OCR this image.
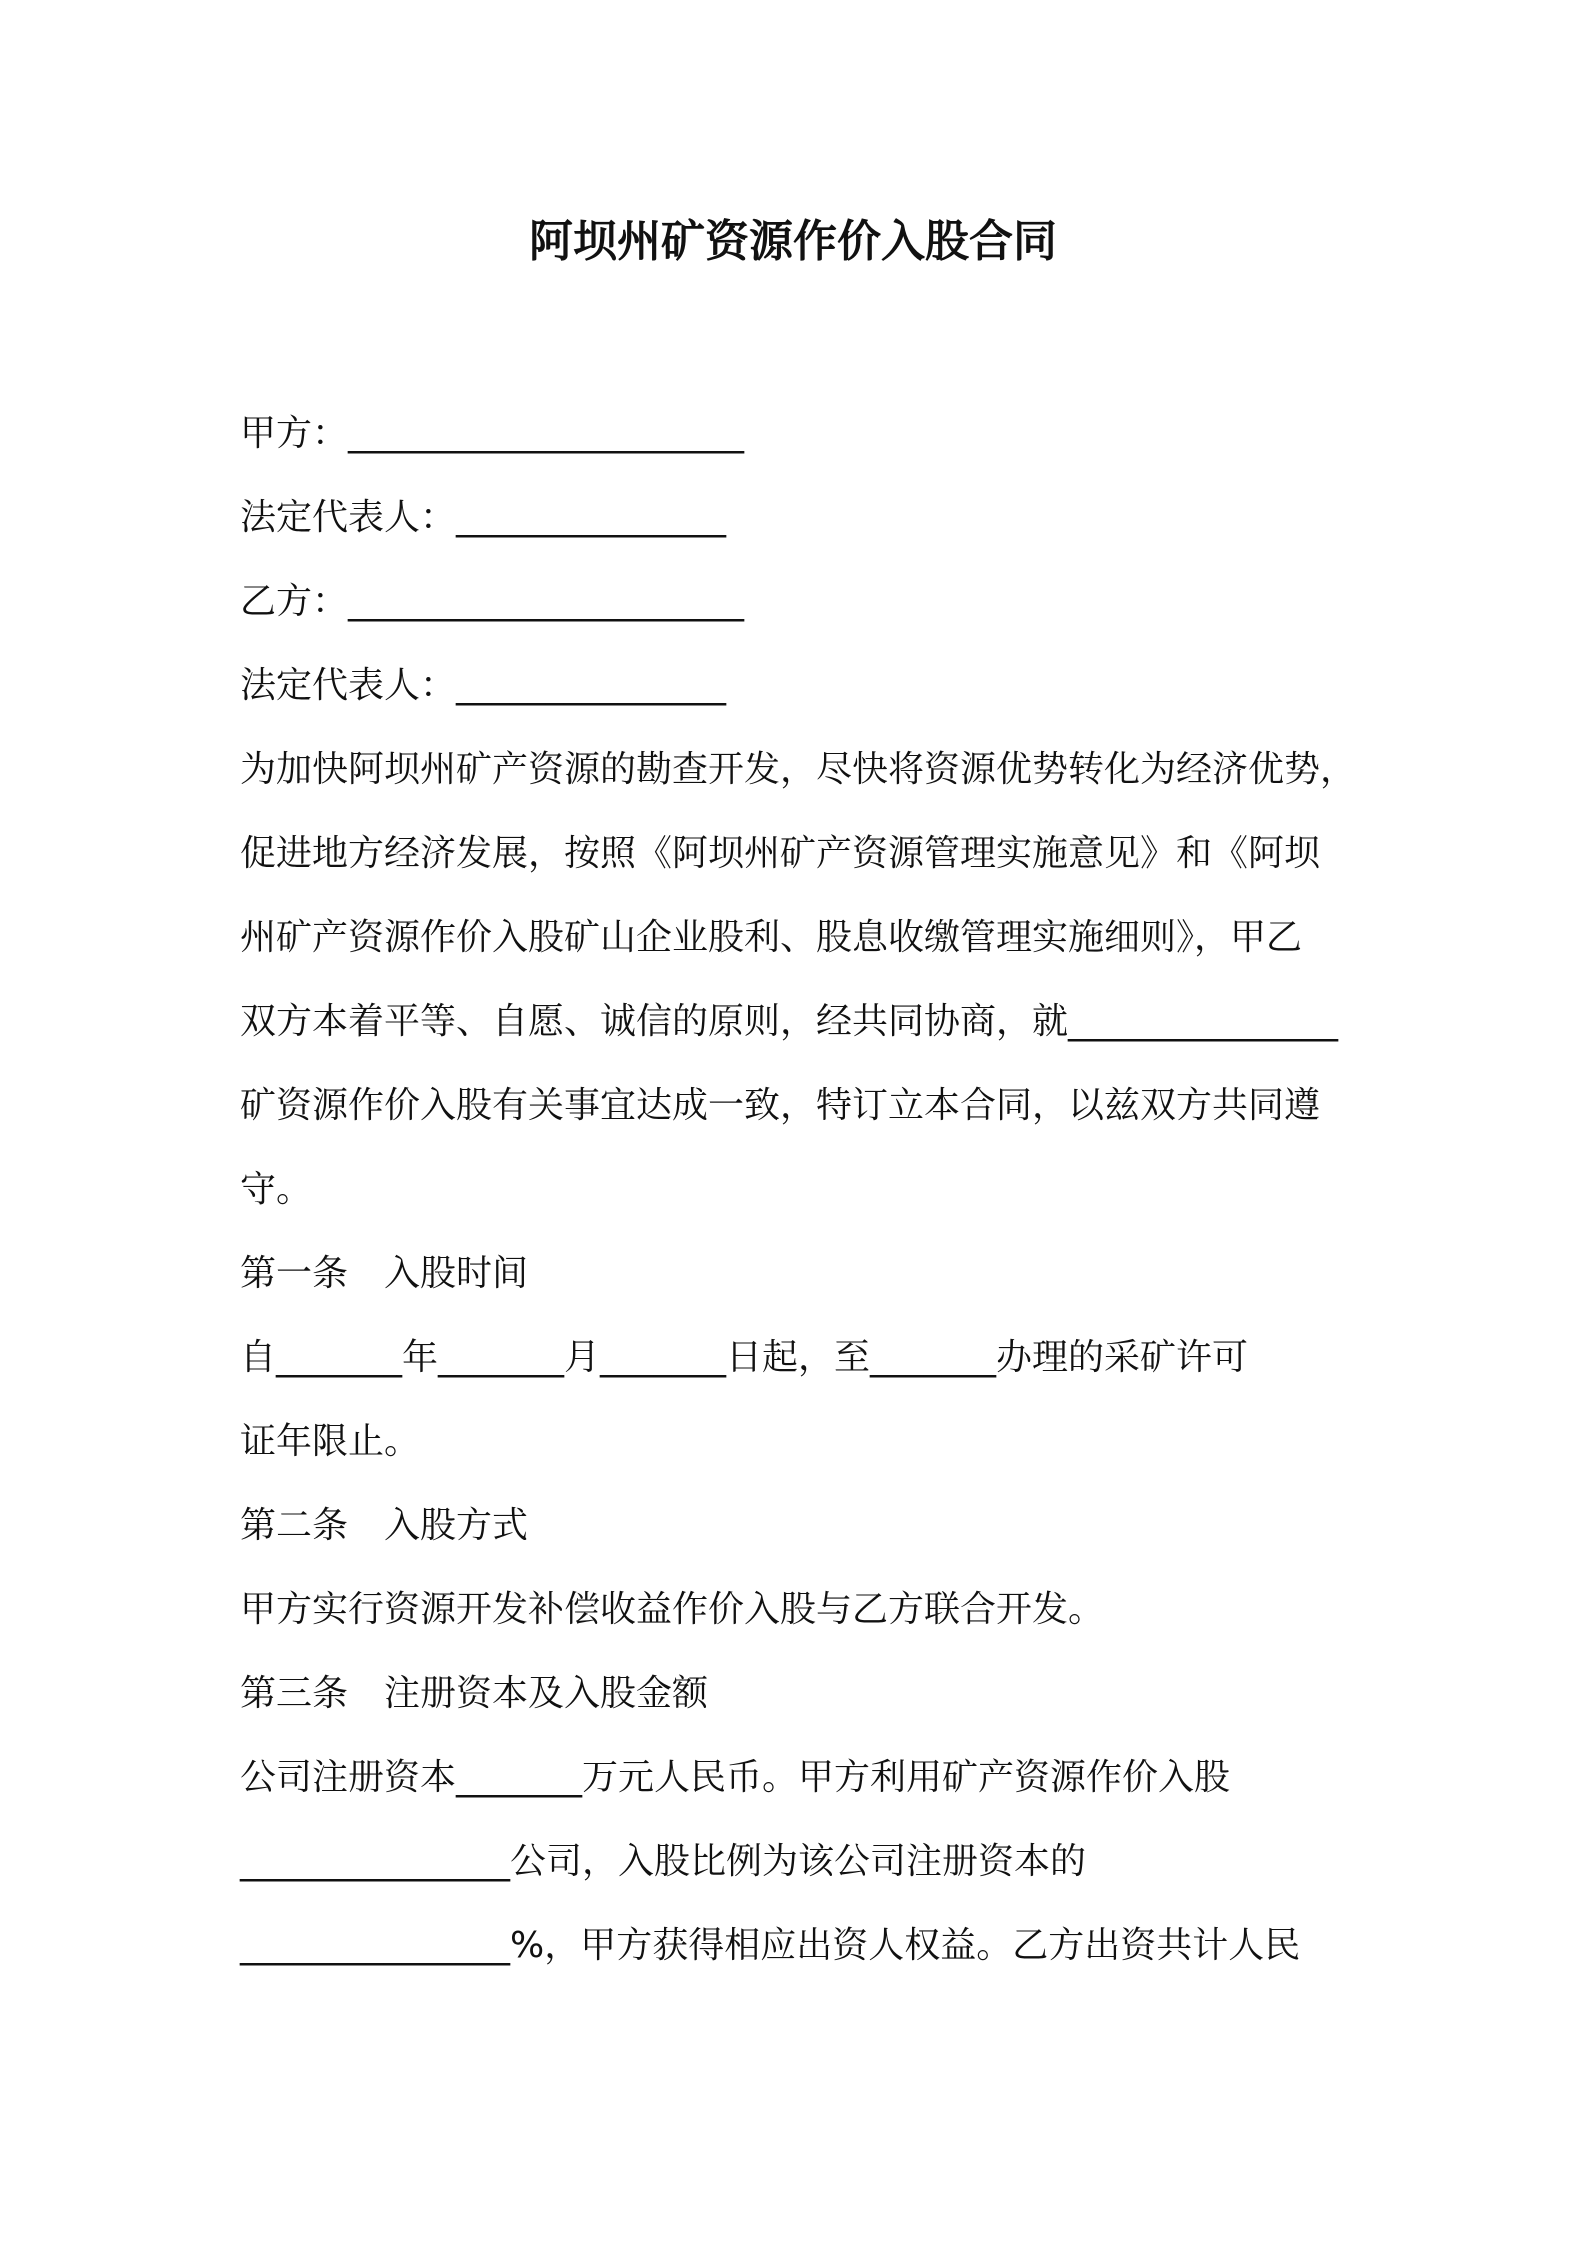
阿坝州矿资源作价入股合同
甲方：______________________
法定代表人：_______________
乙方：______________________
法定代表人：_______________
为加快阿坝州矿产资源的勘查开发，尽快将资源优势转化为经济优势，
促进地方经济发展，按照《阿坝州矿产资源管理实施意见》和《阿坝
州矿产资源作价入股矿山企业股利、股息收缴管理实施细则》，甲乙
双方本着平等、自愿、诚信的原则，经共同协商，就_______________
矿资源作价入股有关事宜达成一致，特订立本合同，以兹双方共同遵
守。
第一条　入股时间
自_______年_______月_______日起，至_______办理的采矿许可
证年限止。
第二条　入股方式
甲方实行资源开发补偿收益作价入股与乙方联合开发。
第三条　注册资本及入股金额
公司注册资本_______万元人民币。甲方利用矿产资源作价入股
_______________公司，入股比例为该公司注册资本的
_______________%，甲方获得相应出资人权益。乙方出资共计人民
